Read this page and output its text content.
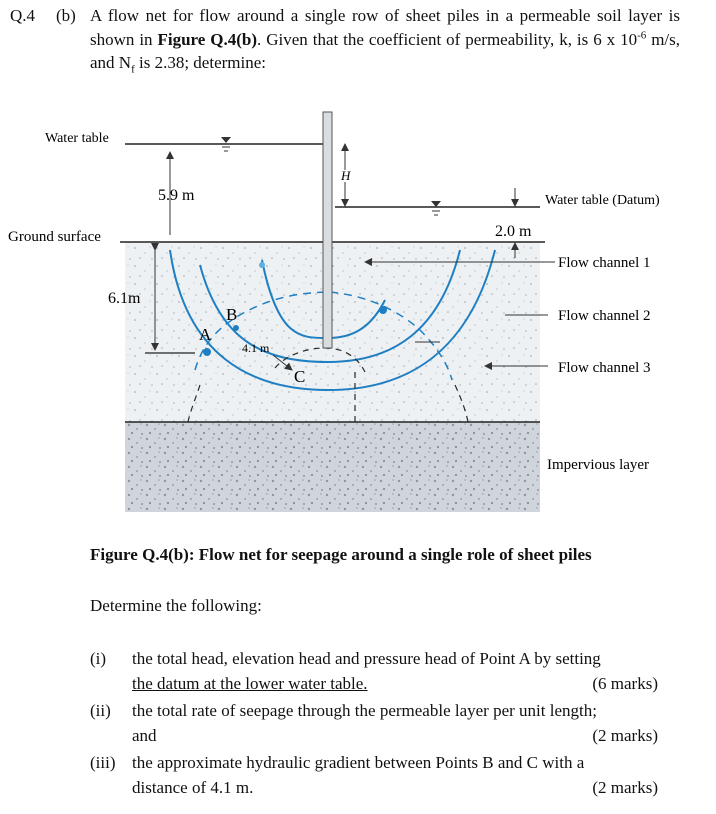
Q.4 (b) A flow net for flow around a single row of sheet piles in a permeable soil layer is shown in Figure Q.4(b). Given that the coefficient of permeability, k, is 6 x $10^{-6}$ m/s, and $N_f$ is 2.38; determine:
Water table
5.9 m
H
Water table (Datum)
2.0 m
Ground surface
6.1m
A
B
C
4.1 m
Flow channel 1
Flow channel 2
Flow channel 3
Impervious layer
Figure Q.4(b): Flow net for seepage around a single role of sheet piles
Determine the following:
(i) the total head, elevation head and pressure head of Point A by setting
the datum at the lower water table.	(6 marks)
(ii) the total rate of seepage through the permeable layer per unit length;
and	(2 marks)
(iii) the approximate hydraulic gradient between Points B and C with a
distance of 4.1 m.	(2 marks)
